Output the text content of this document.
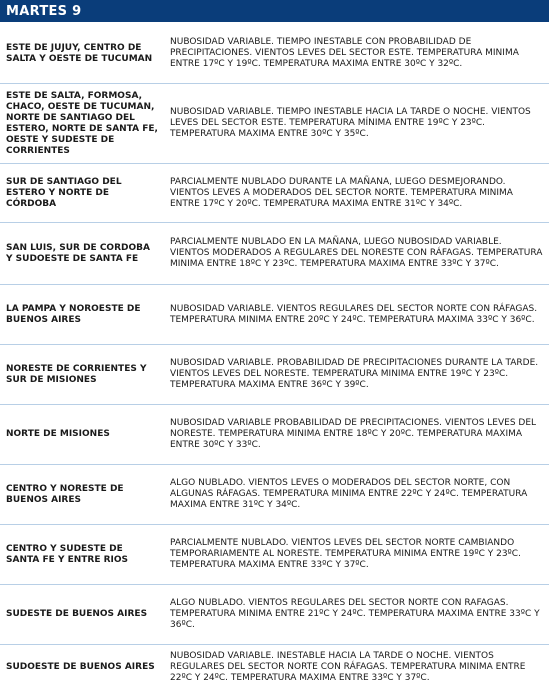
MARTES 9
ESTE DE JUJUY, CENTRO DE SALTA Y OESTE DE TUCUMAN
NUBOSIDAD VARIABLE. TIEMPO INESTABLE CON PROBABILIDAD DE PRECIPITACIONES. VIENTOS LEVES DEL SECTOR ESTE. TEMPERATURA MINIMA ENTRE 17ºC Y 19ºC. TEMPERATURA MAXIMA ENTRE 30ºC Y 32ºC.
ESTE DE SALTA, FORMOSA, CHACO, OESTE DE TUCUMAN, NORTE DE SANTIAGO DEL ESTERO, NORTE DE SANTA FE, OESTE Y SUDESTE DE CORRIENTES
NUBOSIDAD VARIABLE. TIEMPO INESTABLE HACIA LA TARDE O NOCHE. VIENTOS LEVES DEL SECTOR ESTE. TEMPERATURA MÍNIMA ENTRE 19ºC Y 23ºC. TEMPERATURA MAXIMA ENTRE 30ºC Y 35ºC.
SUR DE SANTIAGO DEL ESTERO Y NORTE DE CÓRDOBA
PARCIALMENTE NUBLADO DURANTE LA MAÑANA, LUEGO DESMEJORANDO. VIENTOS LEVES A MODERADOS DEL SECTOR NORTE. TEMPERATURA MINIMA ENTRE 17ºC Y 20ºC. TEMPERATURA MAXIMA ENTRE 31ºC Y 34ºC.
SAN LUIS, SUR DE CORDOBA Y SUDOESTE DE SANTA FE
PARCIALMENTE NUBLADO EN LA MAÑANA, LUEGO NUBOSIDAD VARIABLE. VIENTOS MODERADOS A REGULARES DEL NORESTE CON RÁFAGAS. TEMPERATURA MINIMA ENTRE 18ºC Y 23ºC. TEMPERATURA MAXIMA ENTRE 33ºC Y 37ºC.
LA PAMPA Y NOROESTE DE BUENOS AIRES
NUBOSIDAD VARIABLE. VIENTOS REGULARES DEL SECTOR NORTE CON RÁFAGAS. TEMPERATURA MINIMA ENTRE 20ºC Y 24ºC. TEMPERATURA MAXIMA 33ºC Y 36ºC.
NORESTE DE CORRIENTES Y SUR DE MISIONES
NUBOSIDAD VARIABLE. PROBABILIDAD DE PRECIPITACIONES DURANTE LA TARDE. VIENTOS LEVES DEL NORESTE. TEMPERATURA MINIMA ENTRE 19ºC Y 23ºC. TEMPERATURA MAXIMA ENTRE 36ºC Y 39ºC.
NORTE DE MISIONES
NUBOSIDAD VARIABLE PROBABILIDAD DE PRECIPITACIONES. VIENTOS LEVES DEL NORESTE. TEMPERATURA MINIMA ENTRE 18ºC Y 20ºC. TEMPERATURA MAXIMA ENTRE 30ºC Y 33ºC.
CENTRO Y NORESTE DE BUENOS AIRES
ALGO NUBLADO. VIENTOS LEVES O MODERADOS DEL SECTOR NORTE, CON ALGUNAS RÁFAGAS. TEMPERATURA MINIMA ENTRE 22ºC Y 24ºC. TEMPERATURA MAXIMA ENTRE 31ºC Y 34ºC.
CENTRO Y SUDESTE DE SANTA FE Y ENTRE RIOS
PARCIALMENTE NUBLADO. VIENTOS LEVES DEL SECTOR NORTE CAMBIANDO TEMPORARIAMENTE AL NORESTE. TEMPERATURA MINIMA ENTRE 19ºC Y 23ºC. TEMPERATURA MAXIMA ENTRE 33ºC Y 37ºC.
SUDESTE DE BUENOS AIRES
ALGO NUBLADO. VIENTOS REGULARES DEL SECTOR NORTE CON RAFAGAS. TEMPERATURA MINIMA ENTRE 21ºC Y 24ºC. TEMPERATURA MAXIMA ENTRE 33ºC Y 36ºC.
SUDOESTE DE BUENOS AIRES
NUBOSIDAD VARIABLE. INESTABLE HACIA LA TARDE O NOCHE. VIENTOS REGULARES DEL SECTOR NORTE CON RÁFAGAS. TEMPERATURA MINIMA ENTRE 22ºC Y 24ºC. TEMPERATURA MAXIMA ENTRE 33ºC Y 37ºC.
